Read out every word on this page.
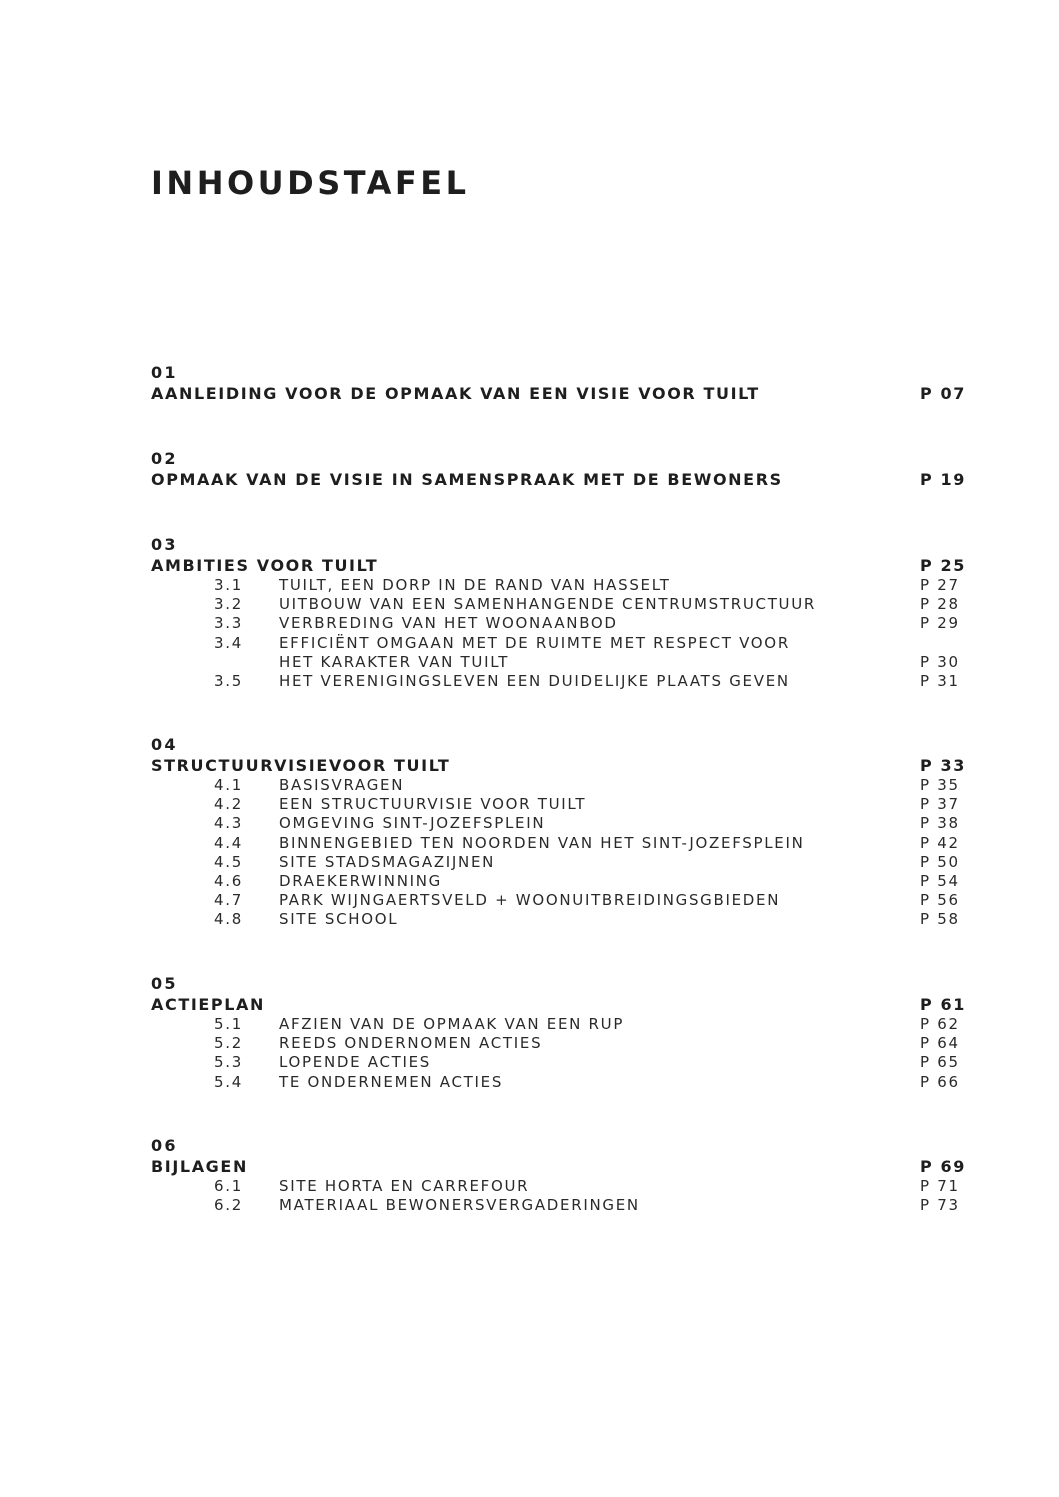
INHOUDSTAFEL
01
AANLEIDING VOOR DE OPMAAK VAN EEN VISIE VOOR TUILT	P 07
02
OPMAAK VAN DE VISIE IN SAMENSPRAAK MET DE BEWONERS	P 19
03
AMBITIES VOOR TUILT	P 25
3.1 TUILT, EEN DORP IN DE RAND VAN HASSELT	P 27
3.2 UITBOUW VAN EEN SAMENHANGENDE CENTRUMSTRUCTUUR	P 28
3.3 VERBREDING VAN HET WOONAANBOD	P 29
3.4 EFFICIËNT OMGAAN MET DE RUIMTE MET RESPECT VOOR
HET KARAKTER VAN TUILT	P 30
3.5 HET VERENIGINGSLEVEN EEN DUIDELIJKE PLAATS GEVEN	P 31
04
STRUCTUURVISIEVOOR TUILT	P 33
4.1 BASISVRAGEN	P 35
4.2 EEN STRUCTUURVISIE VOOR TUILT	P 37
4.3 OMGEVING SINT-JOZEFSPLEIN	P 38
4.4 BINNENGEBIED TEN NOORDEN VAN HET SINT-JOZEFSPLEIN	P 42
4.5 SITE STADSMAGAZIJNEN	P 50
4.6 DRAEKERWINNING	P 54
4.7 PARK WIJNGAERTSVELD + WOONUITBREIDINGSGBIEDEN	P 56
4.8 SITE SCHOOL	P 58
05
ACTIEPLAN	P 61
5.1 AFZIEN VAN DE OPMAAK VAN EEN RUP	P 62
5.2 REEDS ONDERNOMEN ACTIES	P 64
5.3 LOPENDE ACTIES	P 65
5.4 TE ONDERNEMEN ACTIES	P 66
06
BIJLAGEN	P 69
6.1 SITE HORTA EN CARREFOUR	P 71
6.2 MATERIAAL BEWONERSVERGADERINGEN	P 73
